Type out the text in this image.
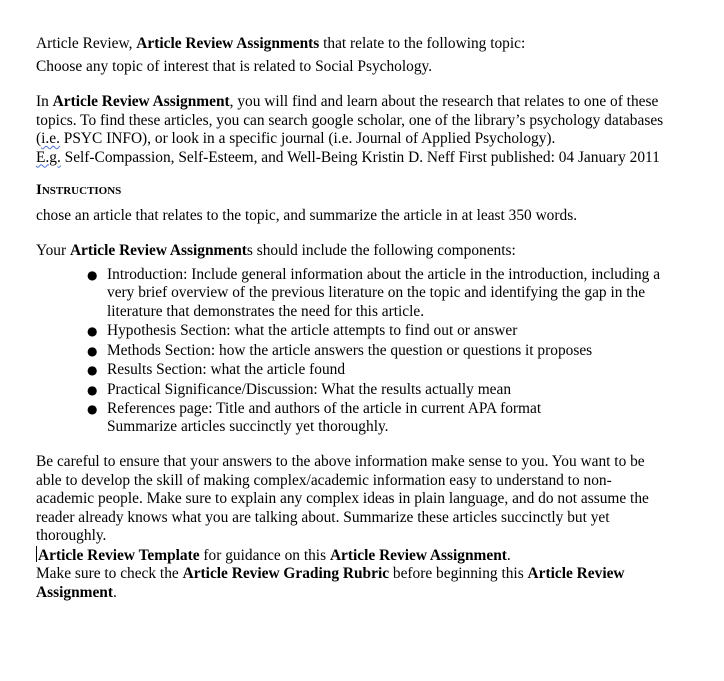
Article Review, Article Review Assignments that relate to the following topic:

Choose any topic of interest that is related to Social Psychology.

In Article Review Assignment, you will find and learn about the research that relates to one of these topics. To find these articles, you can search google scholar, one of the library’s psychology databases (i.e. PSYC INFO), or look in a specific journal (i.e. Journal of Applied Psychology).

E.g. Self-Compassion, Self-Esteem, and Well-Being Kristin D. Neff First published: 04 January 2011

Instructions

chose an article that relates to the topic, and summarize the article in at least 350 words.

Your Article Review Assignments should include the following components:

● Introduction: Include general information about the article in the introduction, including a very brief overview of the previous literature on the topic and identifying the gap in the literature that demonstrates the need for this article.
● Hypothesis Section: what the article attempts to find out or answer
● Methods Section: how the article answers the question or questions it proposes
● Results Section: what the article found
● Practical Significance/Discussion: What the results actually mean
● References page: Title and authors of the article in current APA format

Summarize articles succinctly yet thoroughly.

Be careful to ensure that your answers to the above information make sense to you. You want to be able to develop the skill of making complex/academic information easy to understand to non-academic people. Make sure to explain any complex ideas in plain language, and do not assume the reader already knows what you are talking about. Summarize these articles succinctly but yet thoroughly.

Article Review Template for guidance on this Article Review Assignment.

Make sure to check the Article Review Grading Rubric before beginning this Article Review Assignment.
